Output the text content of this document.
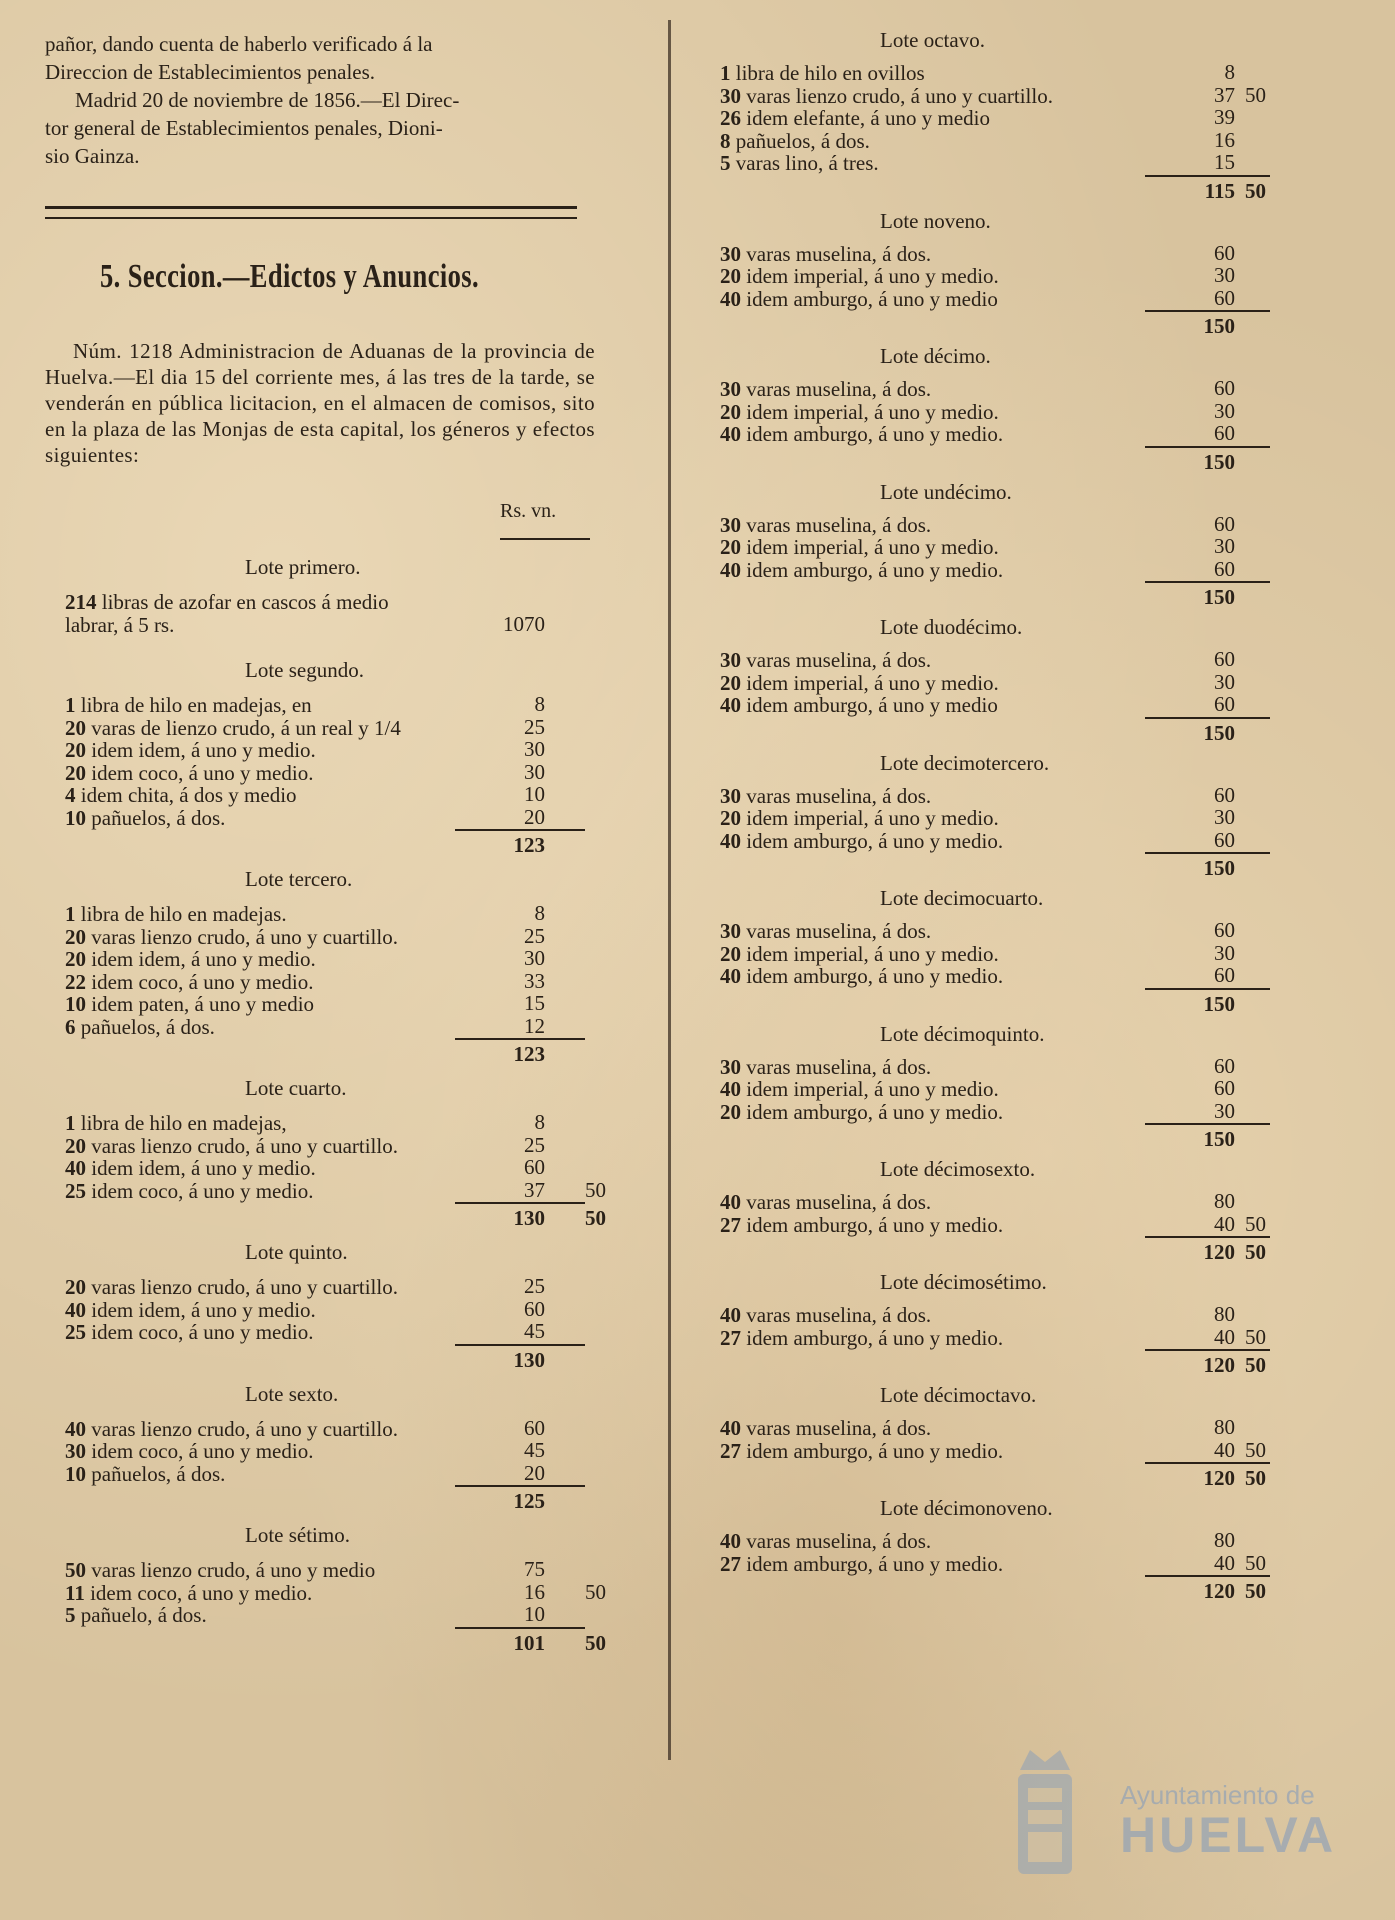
pañor, dando cuenta de haberlo verificado á la
Direccion de Establecimientos penales.
Madrid 20 de noviembre de 1856.—El Direc-
tor general de Establecimientos penales, Dioni-
sio Gainza.
5. Seccion.—Edictos y Anuncios.
Núm. 1218 Administracion de Aduanas de la provincia de Huelva.—El dia 15 del corriente mes, á las tres de la tarde, se venderán en pública licitacion, en el almacen de comisos, sito en la plaza de las Monjas de esta capital, los géneros y efectos siguientes:
Rs. vn.
Lote primero.
214 libras de azofar en cascos á medio
labrar, á 5 rs.	1070
Lote segundo.
1 libra de hilo en madejas, en	8
20 varas de lienzo crudo, á un real y 1/4	25
20 idem idem, á uno y medio.	30
20 idem coco, á uno y medio.	30
4 idem chita, á dos y medio	10
10 pañuelos, á dos.	20
123
Lote tercero.
1 libra de hilo en madejas.	8
20 varas lienzo crudo, á uno y cuartillo.	25
20 idem idem, á uno y medio.	30
22 idem coco, á uno y medio.	33
10 idem paten, á uno y medio	15
6 pañuelos, á dos.	12
123
Lote cuarto.
1 libra de hilo en madejas,	8
20 varas lienzo crudo, á uno y cuartillo.	25
40 idem idem, á uno y medio.	60
25 idem coco, á uno y medio.	37 50
130 50
Lote quinto.
20 varas lienzo crudo, á uno y cuartillo.	25
40 idem idem, á uno y medio.	60
25 idem coco, á uno y medio.	45
130
Lote sexto.
40 varas lienzo crudo, á uno y cuartillo.	60
30 idem coco, á uno y medio.	45
10 pañuelos, á dos.	20
125
Lote sétimo.
50 varas lienzo crudo, á uno y medio	75
11 idem coco, á uno y medio.	16 50
5 pañuelo, á dos.	10
101 50
Lote octavo.
1 libra de hilo en ovillos	8
30 varas lienzo crudo, á uno y cuartillo.	37 50
26 idem elefante, á uno y medio	39
8 pañuelos, á dos.	16
5 varas lino, á tres.	15
115 50
Lote noveno.
30 varas muselina, á dos.	60
20 idem imperial, á uno y medio.	30
40 idem amburgo, á uno y medio	60
150
Lote décimo.
30 varas muselina, á dos.	60
20 idem imperial, á uno y medio.	30
40 idem amburgo, á uno y medio.	60
150
Lote undécimo.
30 varas muselina, á dos.	60
20 idem imperial, á uno y medio.	30
40 idem amburgo, á uno y medio.	60
150
Lote duodécimo.
30 varas muselina, á dos.	60
20 idem imperial, á uno y medio.	30
40 idem amburgo, á uno y medio	60
150
Lote decimotercero.
30 varas muselina, á dos.	60
20 idem imperial, á uno y medio.	30
40 idem amburgo, á uno y medio.	60
150
Lote decimocuarto.
30 varas muselina, á dos.	60
20 idem imperial, á uno y medio.	30
40 idem amburgo, á uno y medio.	60
150
Lote décimoquinto.
30 varas muselina, á dos.	60
40 idem imperial, á uno y medio.	60
20 idem amburgo, á uno y medio.	30
150
Lote décimosexto.
40 varas muselina, á dos.	80
27 idem amburgo, á uno y medio.	40 50
120 50
Lote décimosétimo.
40 varas muselina, á dos.	80
27 idem amburgo, á uno y medio.	40 50
120 50
Lote décimoctavo.
40 varas muselina, á dos.	80
27 idem amburgo, á uno y medio.	40 50
120 50
Lote décimonoveno.
40 varas muselina, á dos.	80
27 idem amburgo, á uno y medio.	40 50
120 50
Ayuntamiento de
HUELVA
